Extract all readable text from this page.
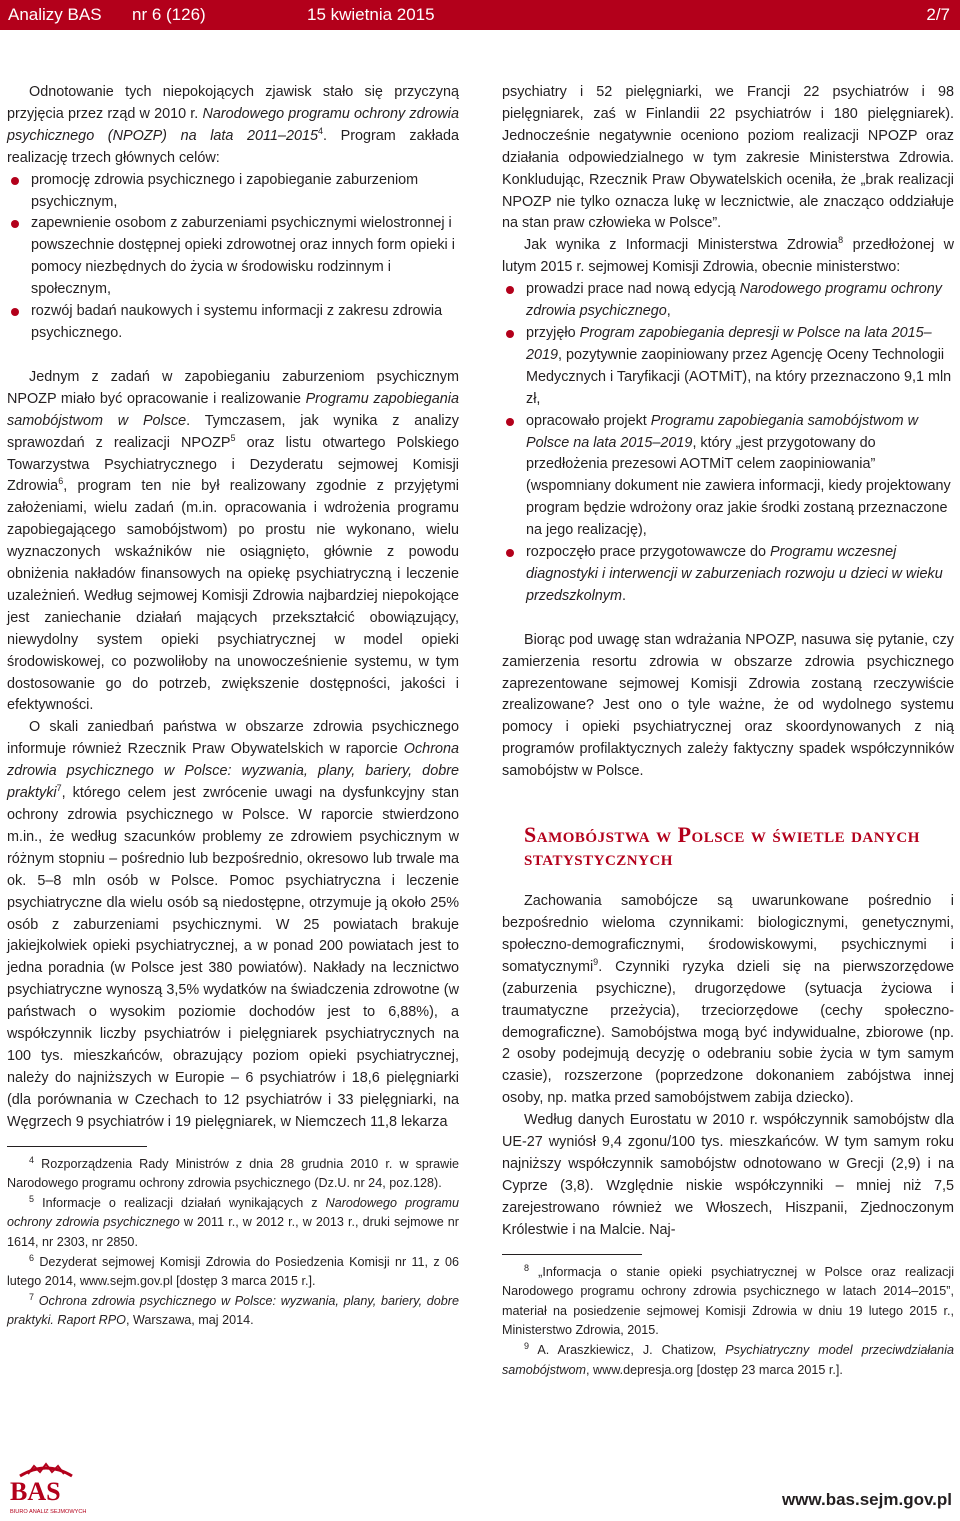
Analizy BAS nr 6 (126)	15 kwietnia 2015	2/7

Odnotowanie tych niepokojących zjawisk stało się przyczyną przyjęcia przez rząd w 2010 r. Narodowego programu ochrony zdrowia psychicznego (NPOZP) na lata 2011–2015$^4$. Program zakłada realizację trzech głównych celów:

promocję zdrowia psychicznego i zapobieganie zaburzeniom psychicznym,
zapewnienie osobom z zaburzeniami psychicznymi wielostronnej i powszechnie dostępnej opieki zdrowotnej oraz innych form opieki i pomocy niezbędnych do życia w środowisku rodzinnym i społecznym,
rozwój badań naukowych i systemu informacji z zakresu zdrowia psychicznego.

Jednym z zadań w zapobieganiu zaburzeniom psychicznym NPOZP miało być opracowanie i realizowanie Programu zapobiegania samobójstwom w Polsce. Tymczasem, jak wynika z analizy sprawozdań z realizacji NPOZP$^5$ oraz listu otwartego Polskiego Towarzystwa Psychiatrycznego i Dezyderatu sejmowej Komisji Zdrowia$^6$, program ten nie był realizowany zgodnie z przyjętymi założeniami, wielu zadań (m.in. opracowania i wdrożenia programu zapobiegającego samobójstwom) po prostu nie wykonano, wielu wyznaczonych wskaźników nie osiągnięto, głównie z powodu obniżenia nakładów finansowych na opiekę psychiatryczną i leczenie uzależnień. Według sejmowej Komisji Zdrowia najbardziej niepokojące jest zaniechanie działań mających przekształcić obowiązujący, niewydolny system opieki psychiatrycznej w model opieki środowiskowej, co pozwoliłoby na unowocześnienie systemu, w tym dostosowanie go do potrzeb, zwiększenie dostępności, jakości i efektywności.

O skali zaniedbań państwa w obszarze zdrowia psychicznego informuje również Rzecznik Praw Obywatelskich w raporcie Ochrona zdrowia psychicznego w Polsce: wyzwania, plany, bariery, dobre praktyki$^7$, którego celem jest zwrócenie uwagi na dysfunkcyjny stan ochrony zdrowia psychicznego w Polsce. W raporcie stwierdzono m.in., że według szacunków problemy ze zdrowiem psychicznym w różnym stopniu – pośrednio lub bezpośrednio, okresowo lub trwale ma ok. 5–8 mln osób w Polsce. Pomoc psychiatryczna i leczenie psychiatryczne dla wielu osób są niedostępne, otrzymuje ją około 25% osób z zaburzeniami psychicznymi. W 25 powiatach brakuje jakiejkolwiek opieki psychiatrycznej, a w ponad 200 powiatach jest to jedna poradnia (w Polsce jest 380 powiatów). Nakłady na lecznictwo psychiatryczne wynoszą 3,5% wydatków na świadczenia zdrowotne (w państwach o wysokim poziomie dochodów jest to 6,88%), a współczynnik liczby psychiatrów i pielęgniarek psychiatrycznych na 100 tys. mieszkańców, obrazujący poziom opieki psychiatrycznej, należy do najniższych w Europie – 6 psychiatrów i 18,6 pielęgniarki (dla porównania w Czechach to 12 psychiatrów i 33 pielęgniarki, na Węgrzech 9 psychiatrów i 19 pielęgniarek, w Niemczech 11,8 lekarza

$^4$ Rozporządzenia Rady Ministrów z dnia 28 grudnia 2010 r. w sprawie Narodowego programu ochrony zdrowia psychicznego (Dz.U. nr 24, poz.128).

$^5$ Informacje o realizacji działań wynikających z Narodowego programu ochrony zdrowia psychicznego w 2011 r., w 2012 r., w 2013 r., druki sejmowe nr 1614, nr 2303, nr 2850.

$^6$ Dezyderat sejmowej Komisji Zdrowia do Posiedzenia Komisji nr 11, z 06 lutego 2014, www.sejm.gov.pl [dostęp 3 marca 2015 r.].

$^7$ Ochrona zdrowia psychicznego w Polsce: wyzwania, plany, bariery, dobre praktyki. Raport RPO, Warszawa, maj 2014.

psychiatry i 52 pielęgniarki, we Francji 22 psychiatrów i 98 pielęgniarek, zaś w Finlandii 22 psychiatrów i 180 pielęgniarek). Jednocześnie negatywnie oceniono poziom realizacji NPOZP oraz działania odpowiedzialnego w tym zakresie Ministerstwa Zdrowia. Konkludując, Rzecznik Praw Obywatelskich oceniła, że „brak realizacji NPOZP nie tylko oznacza lukę w lecznictwie, ale znacząco oddziałuje na stan praw człowieka w Polsce”.

Jak wynika z Informacji Ministerstwa Zdrowia$^8$ przedłożonej w lutym 2015 r. sejmowej Komisji Zdrowia, obecnie ministerstwo:

prowadzi prace nad nową edycją Narodowego programu ochrony zdrowia psychicznego,
przyjęło Program zapobiegania depresji w Polsce na lata 2015–2019, pozytywnie zaopiniowany przez Agencję Oceny Technologii Medycznych i Taryfikacji (AOTMiT), na który przeznaczono 9,1 mln zł,
opracowało projekt Programu zapobiegania samobójstwom w Polsce na lata 2015–2019, który „jest przygotowany do przedłożenia prezesowi AOTMiT celem zaopiniowania” (wspomniany dokument nie zawiera informacji, kiedy projektowany program będzie wdrożony oraz jakie środki zostaną przeznaczone na jego realizację),
rozpoczęło prace przygotowawcze do Programu wczesnej diagnostyki i interwencji w zaburzeniach rozwoju u dzieci w wieku przedszkolnym.

Biorąc pod uwagę stan wdrażania NPOZP, nasuwa się pytanie, czy zamierzenia resortu zdrowia w obszarze zdrowia psychicznego zaprezentowane sejmowej Komisji Zdrowia zostaną rzeczywiście zrealizowane? Jest ono o tyle ważne, że od wydolnego systemu pomocy i opieki psychiatrycznej oraz skoordynowanych z nią programów profilaktycznych zależy faktyczny spadek współczynników samobójstw w Polsce.

Samobójstwa w Polsce w świetle danych statystycznych

Zachowania samobójcze są uwarunkowane pośrednio i bezpośrednio wieloma czynnikami: biologicznymi, genetycznymi, społeczno-demograficznymi, środowiskowymi, psychicznymi i somatycznymi$^9$. Czynniki ryzyka dzieli się na pierwszorzędowe (zaburzenia psychiczne), drugorzędowe (sytuacja życiowa i traumatyczne przeżycia), trzeciorzędowe (cechy społeczno-demograficzne). Samobójstwa mogą być indywidualne, zbiorowe (np. 2 osoby podejmują decyzję o odebraniu sobie życia w tym samym czasie), rozszerzone (poprzedzone dokonaniem zabójstwa innej osoby, np. matka przed samobójstwem zabija dziecko).

Według danych Eurostatu w 2010 r. współczynnik samobójstw dla UE-27 wyniósł 9,4 zgonu/100 tys. mieszkańców. W tym samym roku najniższy współczynnik samobójstw odnotowano w Grecji (2,9) i na Cyprze (3,8). Względnie niskie współczynniki – mniej niż 7,5 zarejestrowano również we Włoszech, Hiszpanii, Zjednoczonym Królestwie i na Malcie. Naj-

$^8$ „Informacja o stanie opieki psychiatrycznej w Polsce oraz realizacji Narodowego programu ochrony zdrowia psychicznego w latach 2014–2015”, materiał na posiedzenie sejmowej Komisji Zdrowia w dniu 19 lutego 2015 r., Ministerstwo Zdrowia, 2015.

$^9$ A. Araszkiewicz, J. Chatizow, Psychiatryczny model przeciwdziałania samobójstwom, www.depresja.org [dostęp 23 marca 2015 r.].

BAS
BIURO ANALIZ SEJMOWYCH
www.bas.sejm.gov.pl
